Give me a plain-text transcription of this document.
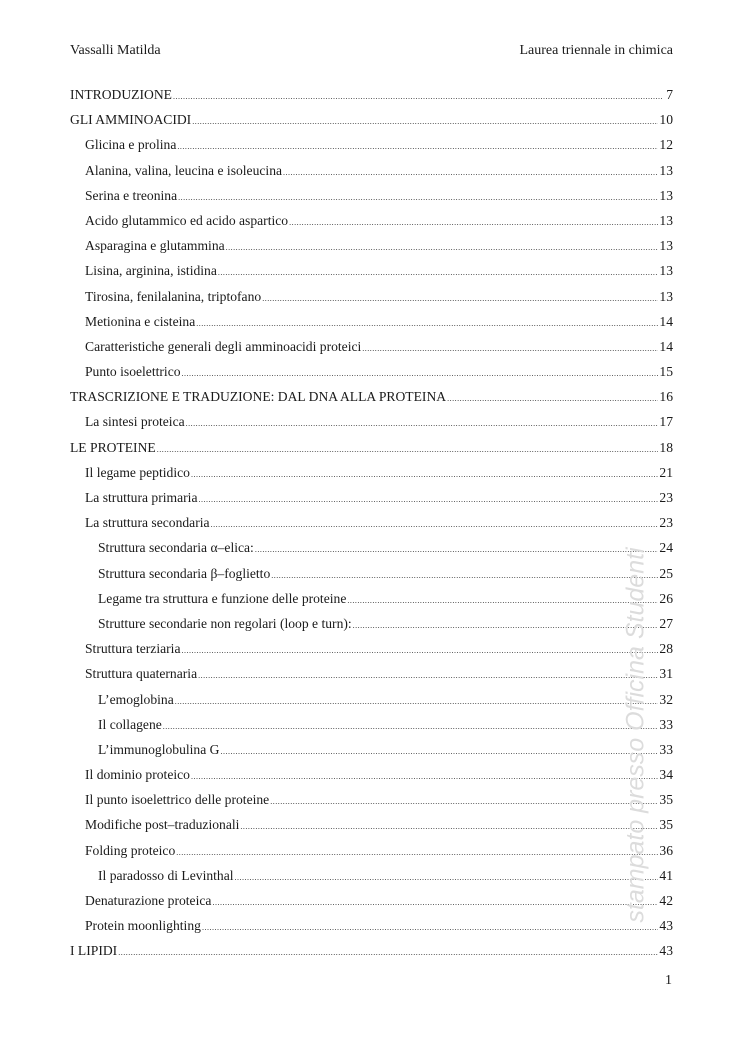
Vassalli Matilda	Laurea triennale in chimica
INTRODUZIONE .....	7
GLI AMMINOACIDI .....	10
Glicina e prolina .....	12
Alanina, valina, leucina e isoleucina .....	13
Serina e treonina .....	13
Acido glutammico ed acido aspartico .....	13
Asparagina e glutammina .....	13
Lisina, arginina, istidina .....	13
Tirosina, fenilalanina, triptofano .....	13
Metionina e cisteina .....	14
Caratteristiche generali degli amminoacidi proteici .....	14
Punto isoelettrico .....	15
TRASCRIZIONE E TRADUZIONE: DAL DNA ALLA PROTEINA .....	16
La sintesi proteica .....	17
LE PROTEINE .....	18
Il legame peptidico .....	21
La struttura primaria .....	23
La struttura secondaria .....	23
Struttura secondaria α–elica: .....	24
Struttura secondaria β–foglietto .....	25
Legame tra struttura e funzione delle proteine .....	26
Strutture secondarie non regolari (loop e turn): .....	27
Struttura terziaria .....	28
Struttura quaternaria .....	31
L’emoglobina .....	32
Il collagene .....	33
L’immunoglobulina G .....	33
Il dominio proteico .....	34
Il punto isoelettrico delle proteine .....	35
Modifiche post–traduzionali .....	35
Folding proteico .....	36
Il paradosso di Levinthal .....	41
Denaturazione proteica .....	42
Protein moonlighting .....	43
I LIPIDI .....	43
stampato presso Officina Studenti
1
